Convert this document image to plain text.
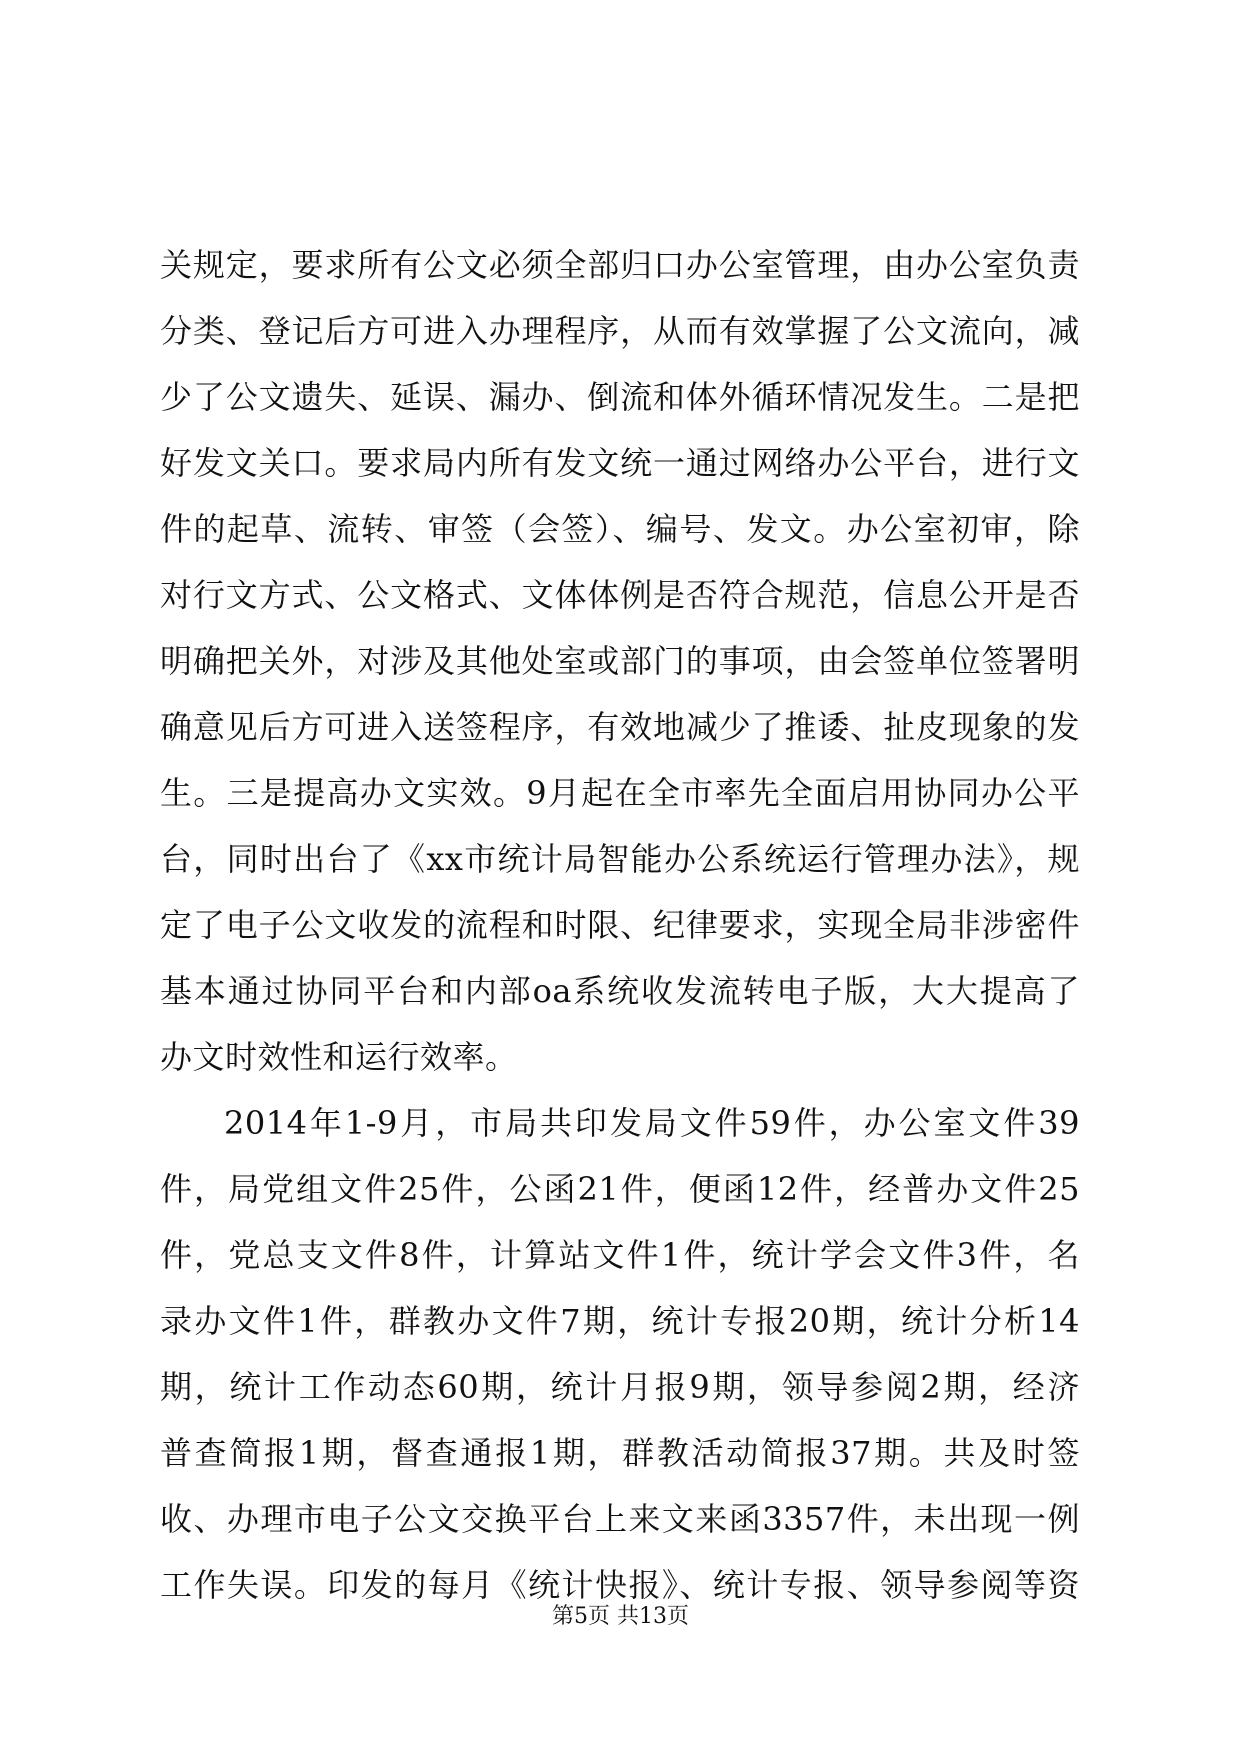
关规定，要求所有公文必须全部归口办公室管理，由办公室负责
分类、登记后方可进入办理程序，从而有效掌握了公文流向，减
少了公文遗失、延误、漏办、倒流和体外循环情况发生。二是把
好发文关口。要求局内所有发文统一通过网络办公平台，进行文
件的起草、流转、审签（会签）、编号、发文。办公室初审，除
对行文方式、公文格式、文体体例是否符合规范，信息公开是否
明确把关外，对涉及其他处室或部门的事项，由会签单位签署明
确意见后方可进入送签程序，有效地减少了推诿、扯皮现象的发
生。三是提高办文实效。9月起在全市率先全面启用协同办公平
台，同时出台了《xx市统计局智能办公系统运行管理办法》，规
定了电子公文收发的流程和时限、纪律要求，实现全局非涉密件
基本通过协同平台和内部oa系统收发流转电子版，大大提高了
办文时效性和运行效率。
2014年1-9月，市局共印发局文件59件，办公室文件39
件，局党组文件25件，公函21件，便函12件，经普办文件25
件，党总支文件8件，计算站文件1件，统计学会文件3件，名
录办文件1件，群教办文件7期，统计专报20期，统计分析14
期，统计工作动态60期，统计月报9期，领导参阅2期，经济
普查简报1期，督查通报1期，群教活动简报37期。共及时签
收、办理市电子公文交换平台上来文来函3357件，未出现一例
工作失误。印发的每月《统计快报》、统计专报、领导参阅等资
第5页 共13页
